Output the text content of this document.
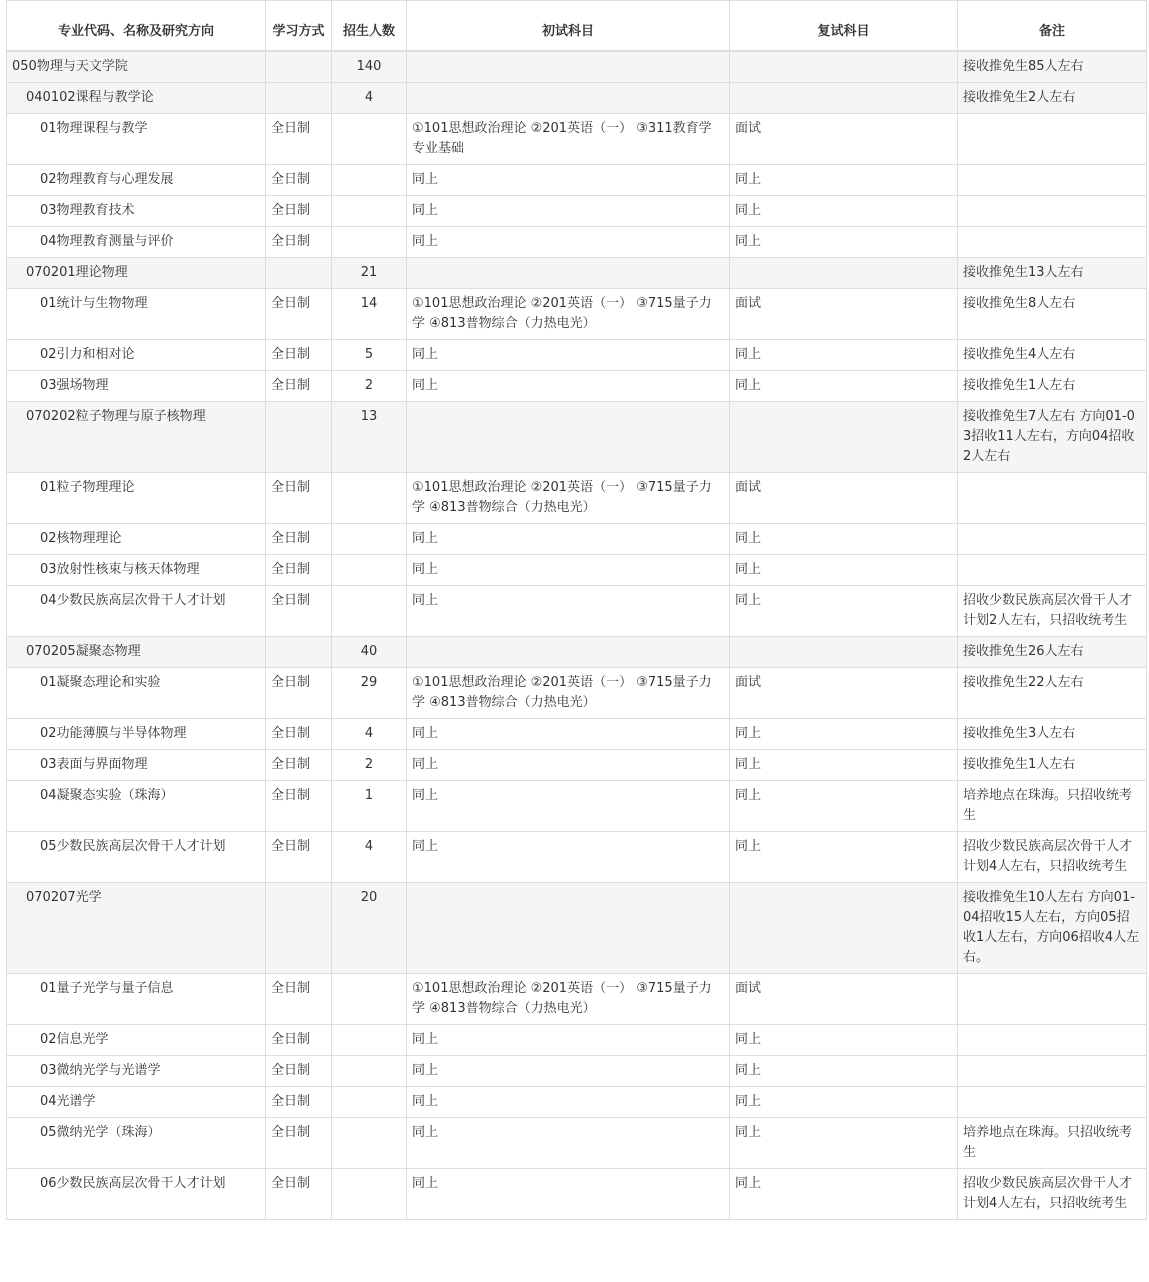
专业代码、名称及研究方向	学习方式	招生人数	初试科目	复试科目	备注
050物理与天文学院		140			接收推免生85人左右
040102课程与教学论		4			接收推免生2人左右
01物理课程与教学	全日制		①101思想政治理论 ②201英语（一） ③311教育学专业基础	面试	
02物理教育与心理发展	全日制		同上	同上	
03物理教育技术	全日制		同上	同上	
04物理教育测量与评价	全日制		同上	同上	
070201理论物理		21			接收推免生13人左右
01统计与生物物理	全日制	14	①101思想政治理论 ②201英语（一） ③715量子力学 ④813普物综合（力热电光）	面试	接收推免生8人左右
02引力和相对论	全日制	5	同上	同上	接收推免生4人左右
03强场物理	全日制	2	同上	同上	接收推免生1人左右
070202粒子物理与原子核物理		13			接收推免生7人左右 方向01-03招收11人左右，方向04招收2人左右
01粒子物理理论	全日制		①101思想政治理论 ②201英语（一） ③715量子力学 ④813普物综合（力热电光）	面试	
02核物理理论	全日制		同上	同上	
03放射性核束与核天体物理	全日制		同上	同上	
04少数民族高层次骨干人才计划	全日制		同上	同上	招收少数民族高层次骨干人才计划2人左右，只招收统考生
070205凝聚态物理		40			接收推免生26人左右
01凝聚态理论和实验	全日制	29	①101思想政治理论 ②201英语（一） ③715量子力学 ④813普物综合（力热电光）	面试	接收推免生22人左右
02功能薄膜与半导体物理	全日制	4	同上	同上	接收推免生3人左右
03表面与界面物理	全日制	2	同上	同上	接收推免生1人左右
04凝聚态实验（珠海）	全日制	1	同上	同上	培养地点在珠海。只招收统考生
05少数民族高层次骨干人才计划	全日制	4	同上	同上	招收少数民族高层次骨干人才计划4人左右，只招收统考生
070207光学		20			接收推免生10人左右 方向01-04招收15人左右，方向05招收1人左右，方向06招收4人左右。
01量子光学与量子信息	全日制		①101思想政治理论 ②201英语（一） ③715量子力学 ④813普物综合（力热电光）	面试	
02信息光学	全日制		同上	同上	
03微纳光学与光谱学	全日制		同上	同上	
04光谱学	全日制		同上	同上	
05微纳光学（珠海）	全日制		同上	同上	培养地点在珠海。只招收统考生
06少数民族高层次骨干人才计划	全日制		同上	同上	招收少数民族高层次骨干人才计划4人左右，只招收统考生
